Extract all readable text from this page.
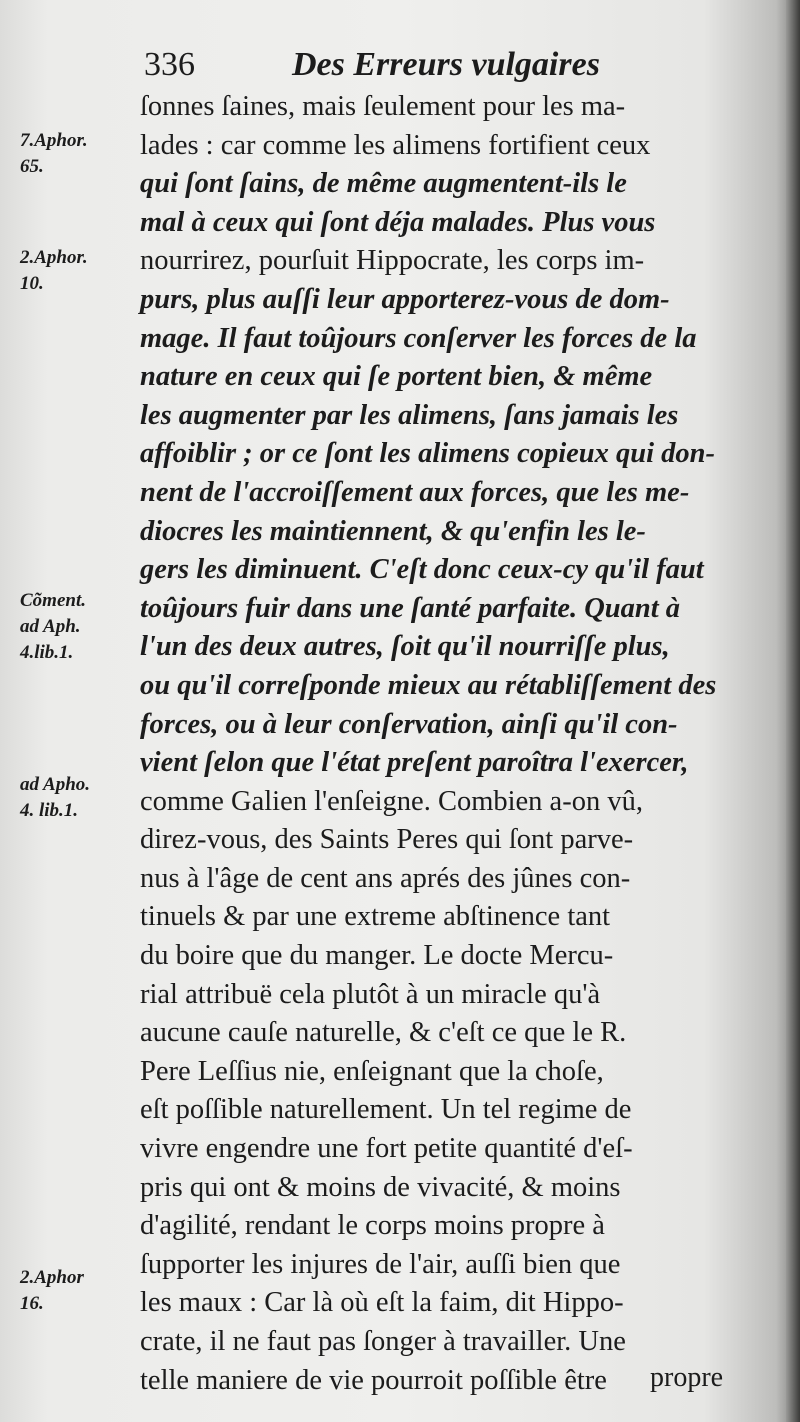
336	Des Erreurs vulgaires
7.Aphor.
65.
2.Aphor.
10.
Cõment.
ad Aph.
4.lib.1.
ad Apho.
4. lib.1.
2.Aphor
16.
ſonnes ſaines, mais ſeulement pour les ma-
lades : car comme les alimens fortifient ceux
qui ſont ſains, de même augmentent-ils le
mal à ceux qui ſont déja malades. Plus vous
nourrirez, pourſuit Hippocrate, les corps im-
purs, plus auſſi leur apporterez-vous de dom-
mage. Il faut toûjours conſerver les forces de la
nature en ceux qui ſe portent bien, & même
les augmenter par les alimens, ſans jamais les
affoiblir ; or ce ſont les alimens copieux qui don-
nent de l'accroiſſement aux forces, que les me-
diocres les maintiennent, & qu'enfin les le-
gers les diminuent. C'eſt donc ceux-cy qu'il faut
toûjours fuir dans une ſanté parfaite. Quant à
l'un des deux autres, ſoit qu'il nourriſſe plus,
ou qu'il correſponde mieux au rétabliſſement des
forces, ou à leur conſervation, ainſi qu'il con-
vient ſelon que l'état preſent paroîtra l'exercer,
comme Galien l'enſeigne. Combien a-on vû,
direz-vous, des Saints Peres qui ſont parve-
nus à l'âge de cent ans aprés des jûnes con-
tinuels & par une extreme abſtinence tant
du boire que du manger. Le docte Mercu-
rial attribuë cela plutôt à un miracle qu'à
aucune cauſe naturelle, & c'eſt ce que le R.
Pere Leſſius nie, enſeignant que la choſe,
eſt poſſible naturellement. Un tel regime de
vivre engendre une fort petite quantité d'eſ-
pris qui ont & moins de vivacité, & moins
d'agilité, rendant le corps moins propre à
ſupporter les injures de l'air, auſſi bien que
les maux : Car là où eſt la faim, dit Hippo-
crate, il ne faut pas ſonger à travailler. Une
telle maniere de vie pourroit poſſible être	propre
